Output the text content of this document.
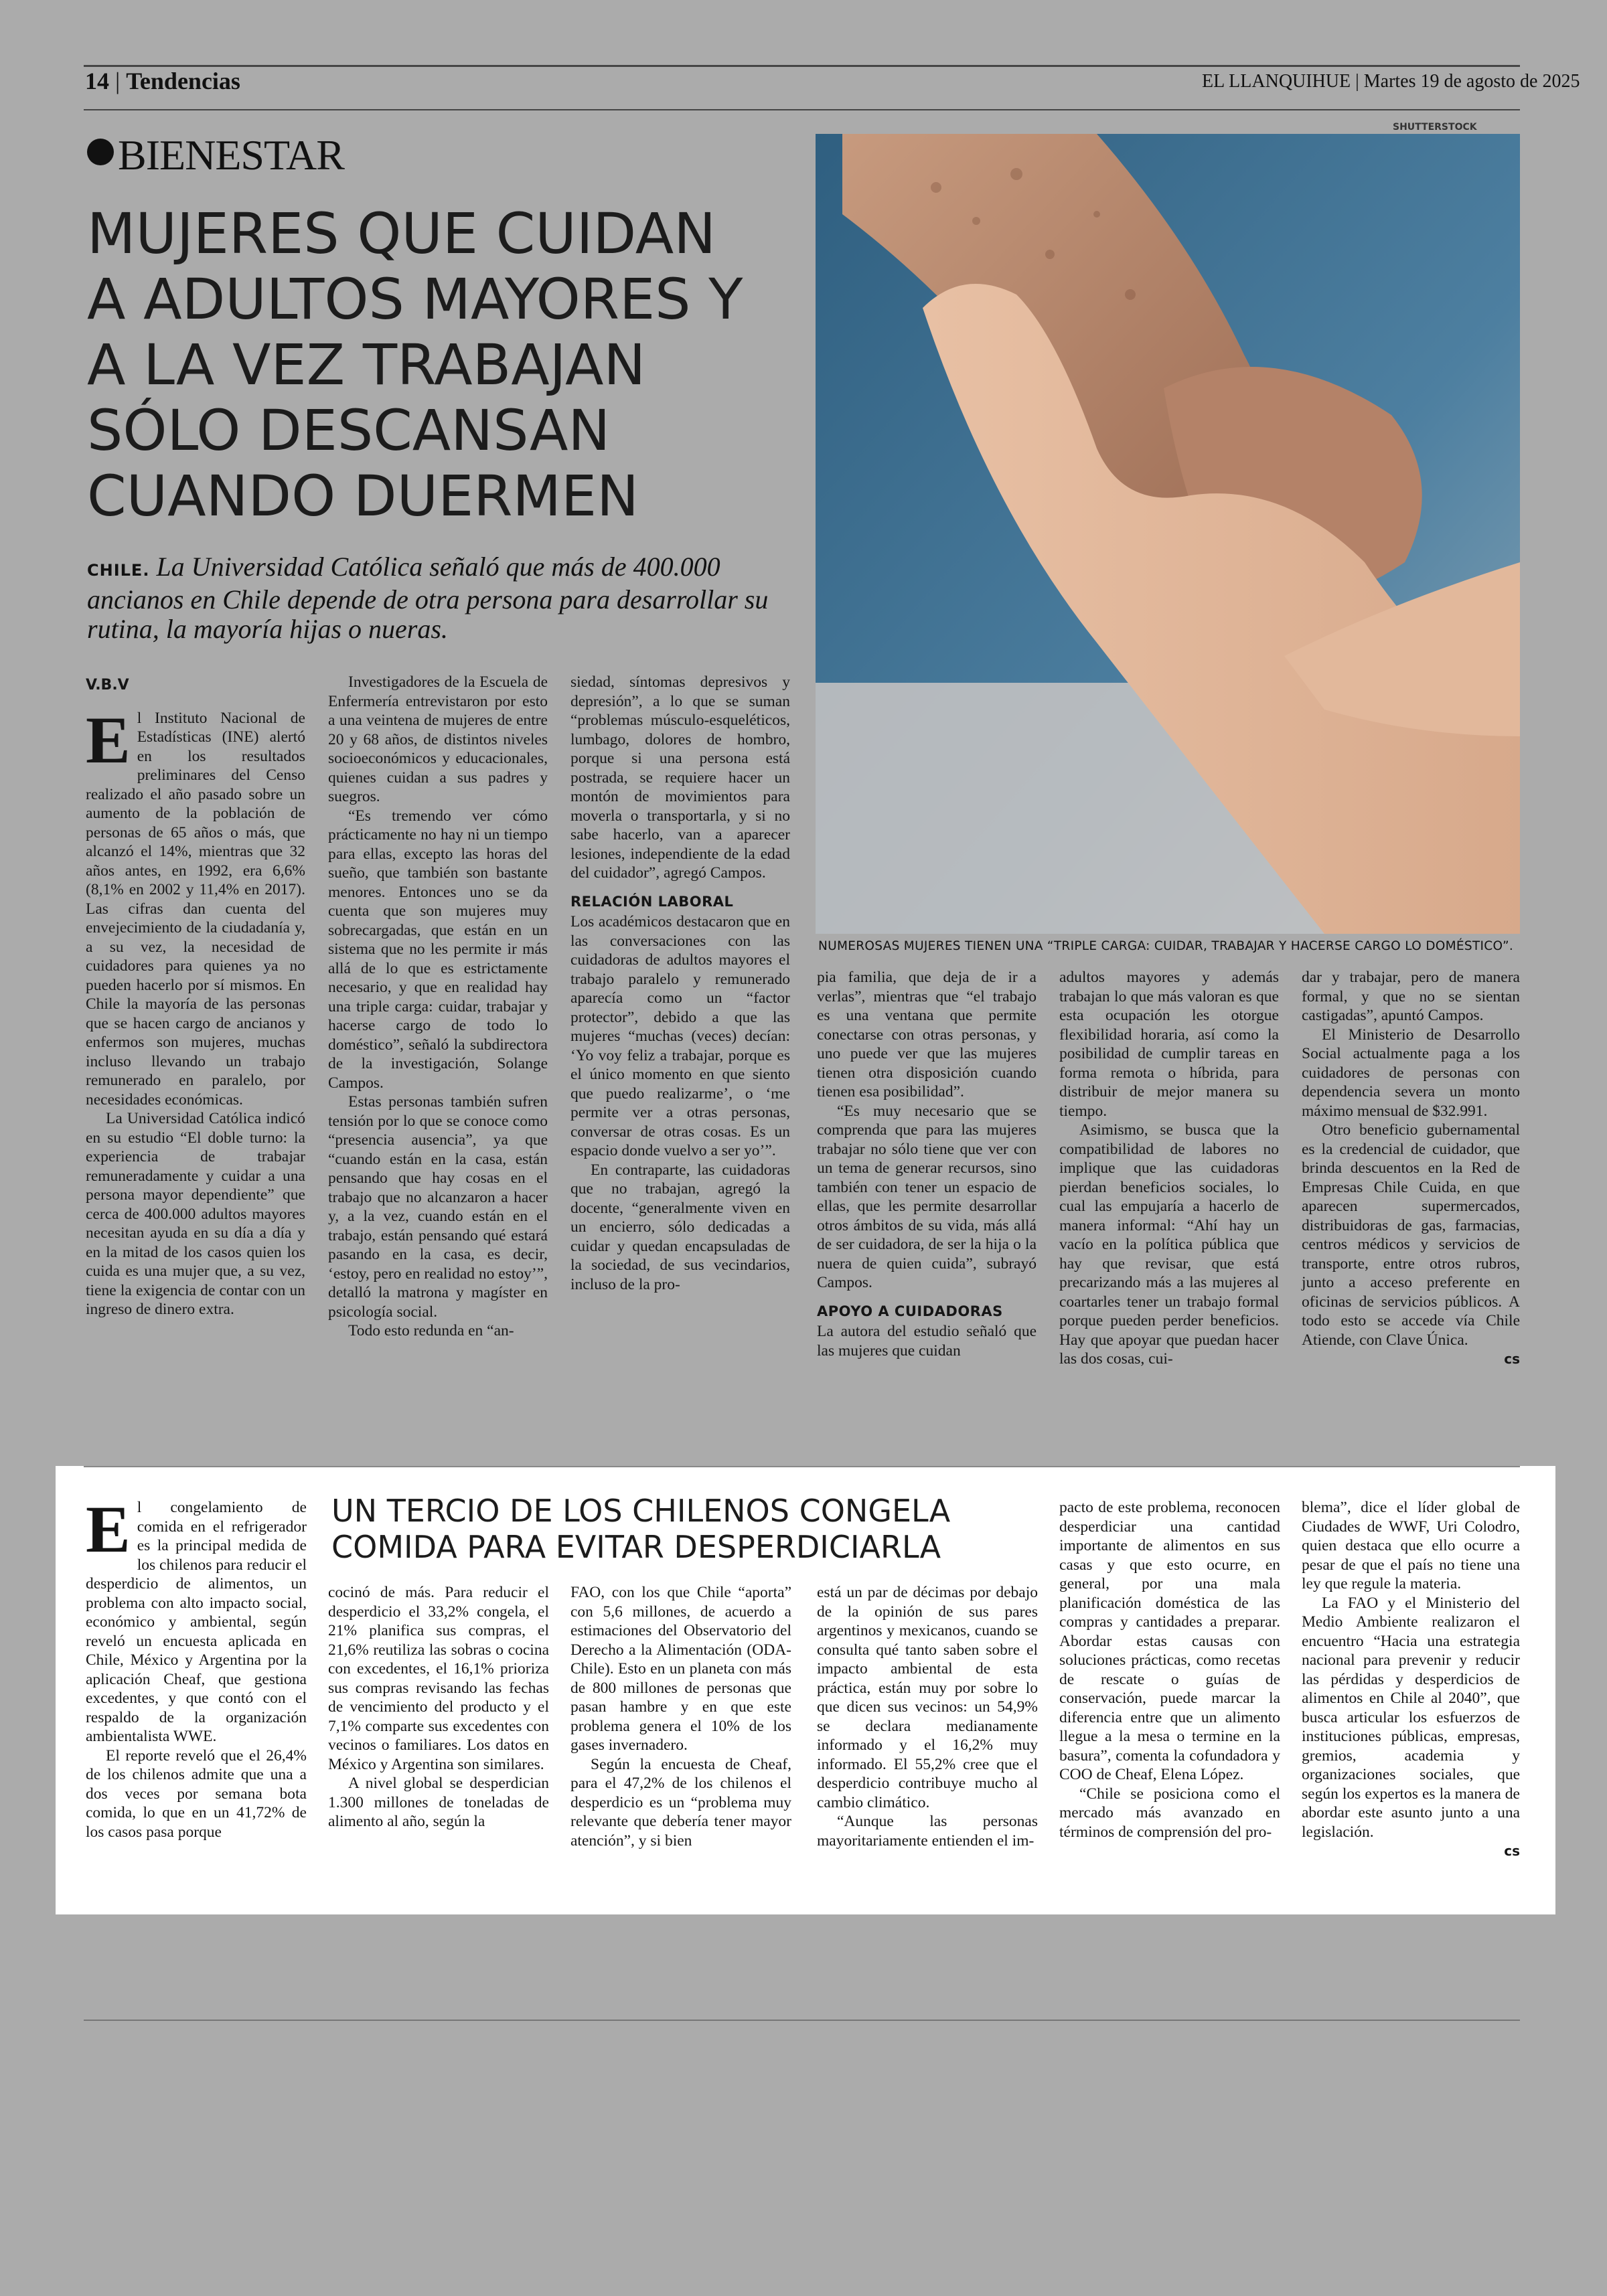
14 | Tendencias	EL LLANQUIHUE | Martes 19 de agosto de 2025
BIENESTAR
MUJERES QUE CUIDAN
A ADULTOS MAYORES Y
A LA VEZ TRABAJAN
SÓLO DESCANSAN
CUANDO DUERMEN
CHILE. La Universidad Católica señaló que más de 400.000 ancianos en Chile depende de otra persona para desarrollar su rutina, la mayoría hijas o nueras.
SHUTTERSTOCK
NUMEROSAS MUJERES TIENEN UNA “TRIPLE CARGA: CUIDAR, TRABAJAR Y HACERSE CARGO LO DOMÉSTICO”.
V.B.V
E l Instituto Nacional de Estadísticas (INE) alertó en los resultados preliminares del Censo realizado el año pasado sobre un aumento de la población de personas de 65 años o más, que alcanzó el 14%, mientras que 32 años antes, en 1992, era 6,6% (8,1% en 2002 y 11,4% en 2017). Las cifras dan cuenta del envejecimiento de la ciudadanía y, a su vez, la necesidad de cuidadores para quienes ya no pueden hacerlo por sí mismos. En Chile la mayoría de las personas que se hacen cargo de ancianos y enfermos son mujeres, muchas incluso llevando un trabajo remunerado en paralelo, por necesidades económicas.

La Universidad Católica indicó en su estudio “El doble turno: la experiencia de trabajar remuneradamente y cuidar a una persona mayor dependiente” que cerca de 400.000 adultos mayores necesitan ayuda en su día a día y en la mitad de los casos quien los cuida es una mujer que, a su vez, tiene la exigencia de contar con un ingreso de dinero extra.

Investigadores de la Escuela de Enfermería entrevistaron por esto a una veintena de mujeres de entre 20 y 68 años, de distintos niveles socioeconómicos y educacionales, quienes cuidan a sus padres y suegros.

“Es tremendo ver cómo prácticamente no hay ni un tiempo para ellas, excepto las horas del sueño, que también son bastante menores. Entonces uno se da cuenta que son mujeres muy sobrecargadas, que están en un sistema que no les permite ir más allá de lo que es estrictamente necesario, y que en realidad hay una triple carga: cuidar, trabajar y hacerse cargo de todo lo doméstico”, señaló la subdirectora de la investigación, Solange Campos.

Estas personas también sufren tensión por lo que se conoce como “presencia ausencia”, ya que “cuando están en la casa, están pensando que hay cosas en el trabajo que no alcanzaron a hacer y, a la vez, cuando están en el trabajo, están pensando qué estará pasando en la casa, es decir, ‘estoy, pero en realidad no estoy’”, detalló la matrona y magíster en psicología social.

Todo esto redunda en “an-

siedad, síntomas depresivos y depresión”, a lo que se suman “problemas músculo-esqueléticos, lumbago, dolores de hombro, porque si una persona está postrada, se requiere hacer un montón de movimientos para moverla o transportarla, y si no sabe hacerlo, van a aparecer lesiones, independiente de la edad del cuidador”, agregó Campos.

RELACIÓN LABORAL

Los académicos destacaron que en las conversaciones con las cuidadoras de adultos mayores el trabajo paralelo y remunerado aparecía como un “factor protector”, debido a que las mujeres “muchas (veces) decían: ‘Yo voy feliz a trabajar, porque es el único momento en que siento que puedo realizarme’, o ‘me permite ver a otras personas, conversar de otras cosas. Es un espacio donde vuelvo a ser yo’”.

En contraparte, las cuidadoras que no trabajan, agregó la docente, “generalmente viven en un encierro, sólo dedicadas a cuidar y quedan encapsuladas de la sociedad, de sus vecindarios, incluso de la pro-

pia familia, que deja de ir a verlas”, mientras que “el trabajo es una ventana que permite conectarse con otras personas, y uno puede ver que las mujeres tienen otra disposición cuando tienen esa posibilidad”.

“Es muy necesario que se comprenda que para las mujeres trabajar no sólo tiene que ver con un tema de generar recursos, sino también con tener un espacio de ellas, que les permite desarrollar otros ámbitos de su vida, más allá de ser cuidadora, de ser la hija o la nuera de quien cuida”, subrayó Campos.

APOYO A CUIDADORAS

La autora del estudio señaló que las mujeres que cuidan

adultos mayores y además trabajan lo que más valoran es que esta ocupación les otorgue flexibilidad horaria, así como la posibilidad de cumplir tareas en forma remota o híbrida, para distribuir de mejor manera su tiempo.

Asimismo, se busca que la compatibilidad de labores no implique que las cuidadoras pierdan beneficios sociales, lo cual las empujaría a hacerlo de manera informal: “Ahí hay un vacío en la política pública que hay que revisar, que está precarizando más a las mujeres al coartarles tener un trabajo formal porque pueden perder beneficios. Hay que apoyar que puedan hacer las dos cosas, cui-

dar y trabajar, pero de manera formal, y que no se sientan castigadas”, apuntó Campos.

El Ministerio de Desarrollo Social actualmente paga a los cuidadores de personas con dependencia severa un monto máximo mensual de $32.991.

Otro beneficio gubernamental es la credencial de cuidador, que brinda descuentos en la Red de Empresas Chile Cuida, en que aparecen supermercados, distribuidoras de gas, farmacias, centros médicos y servicios de transporte, entre otros rubros, junto a acceso preferente en oficinas de servicios públicos. A todo esto se accede vía Chile Atiende, con Clave Única.

cs
UN TERCIO DE LOS CHILENOS CONGELA
COMIDA PARA EVITAR DESPERDICIARLA
E l congelamiento de comida en el refrigerador es la principal medida de los chilenos para reducir el desperdicio de alimentos, un problema con alto impacto social, económico y ambiental, según reveló un encuesta aplicada en Chile, México y Argentina por la aplicación Cheaf, que gestiona excedentes, y que contó con el respaldo de la organización ambientalista WWE.

El reporte reveló que el 26,4% de los chilenos admite que una a dos veces por semana bota comida, lo que en un 41,72% de los casos pasa porque

cocinó de más. Para reducir el desperdicio el 33,2% congela, el 21% planifica sus compras, el 21,6% reutiliza las sobras o cocina con excedentes, el 16,1% prioriza sus compras revisando las fechas de vencimiento del producto y el 7,1% comparte sus excedentes con vecinos o familiares. Los datos en México y Argentina son similares.

A nivel global se desperdician 1.300 millones de toneladas de alimento al año, según la

FAO, con los que Chile “aporta” con 5,6 millones, de acuerdo a estimaciones del Observatorio del Derecho a la Alimentación (ODA-Chile). Esto en un planeta con más de 800 millones de personas que pasan hambre y en que este problema genera el 10% de los gases invernadero.

Según la encuesta de Cheaf, para el 47,2% de los chilenos el desperdicio es un “problema muy relevante que debería tener mayor atención”, y si bien

está un par de décimas por debajo de la opinión de sus pares argentinos y mexicanos, cuando se consulta qué tanto saben sobre el impacto ambiental de esta práctica, están muy por sobre lo que dicen sus vecinos: un 54,9% se declara medianamente informado y el 16,2% muy informado. El 55,2% cree que el desperdicio contribuye mucho al cambio climático.

“Aunque las personas mayoritariamente entienden el im-

pacto de este problema, reconocen desperdiciar una cantidad importante de alimentos en sus casas y que esto ocurre, en general, por una mala planificación doméstica de las compras y cantidades a preparar. Abordar estas causas con soluciones prácticas, como recetas de rescate o guías de conservación, puede marcar la diferencia entre que un alimento llegue a la mesa o termine en la basura”, comenta la cofundadora y COO de Cheaf, Elena López.

“Chile se posiciona como el mercado más avanzado en términos de comprensión del pro-

blema”, dice el líder global de Ciudades de WWF, Uri Colodro, quien destaca que ello ocurre a pesar de que el país no tiene una ley que regule la materia.

La FAO y el Ministerio del Medio Ambiente realizaron el encuentro “Hacia una estrategia nacional para prevenir y reducir las pérdidas y desperdicios de alimentos en Chile al 2040”, que busca articular los esfuerzos de instituciones públicas, empresas, gremios, academia y organizaciones sociales, que según los expertos es la manera de abordar este asunto junto a una legislación.

cs
